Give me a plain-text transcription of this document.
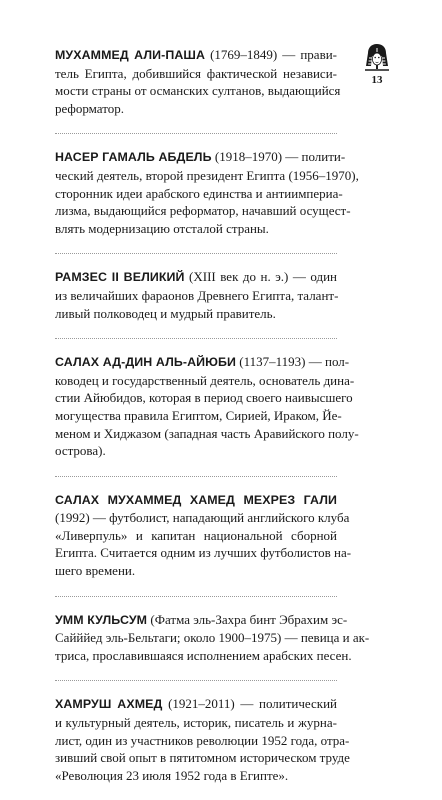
13
МУХАММЕД АЛИ-ПАША (1769–1849) — прави-
тель Египта, добившийся фактической независи-
мости страны от османских султанов, выдающийся
реформатор.
НАСЕР ГАМАЛЬ АБДЕЛЬ (1918–1970) — полити-
ческий деятель, второй президент Египта (1956–1970),
сторонник идеи арабского единства и антиимпериа-
лизма, выдающийся реформатор, начавший осущест-
влять модернизацию отсталой страны.
РАМЗЕС II ВЕЛИКИЙ (XIII век до н. э.) — один
из величайших фараонов Древнего Египта, талант-
ливый полководец и мудрый правитель.
САЛАХ АД-ДИН АЛЬ-АЙЮБИ (1137–1193) — пол-
ководец и государственный деятель, основатель дина-
стии Айюбидов, которая в период своего наивысшего
могущества правила Египтом, Сирией, Ираком, Йе-
меном и Хиджазом (западная часть Аравийского полу-
острова).
САЛАХ МУХАММЕД ХАМЕД МЕХРЕЗ ГАЛИ
(1992) — футболист, нападающий английского клуба
«Ливерпуль» и капитан национальной сборной
Египта. Считается одним из лучших футболистов на-
шего времени.
УММ КУЛЬСУМ (Фатма эль-Захра бинт Эбрахим эс-
Сайййед эль-Бельтаги; около 1900–1975) — певица и ак-
триса, прославившаяся исполнением арабских песен.
ХАМРУШ АХМЕД (1921–2011) — политический
и культурный деятель, историк, писатель и журна-
лист, один из участников революции 1952 года, отра-
зивший свой опыт в пятитомном историческом труде
«Революция 23 июля 1952 года в Египте».
